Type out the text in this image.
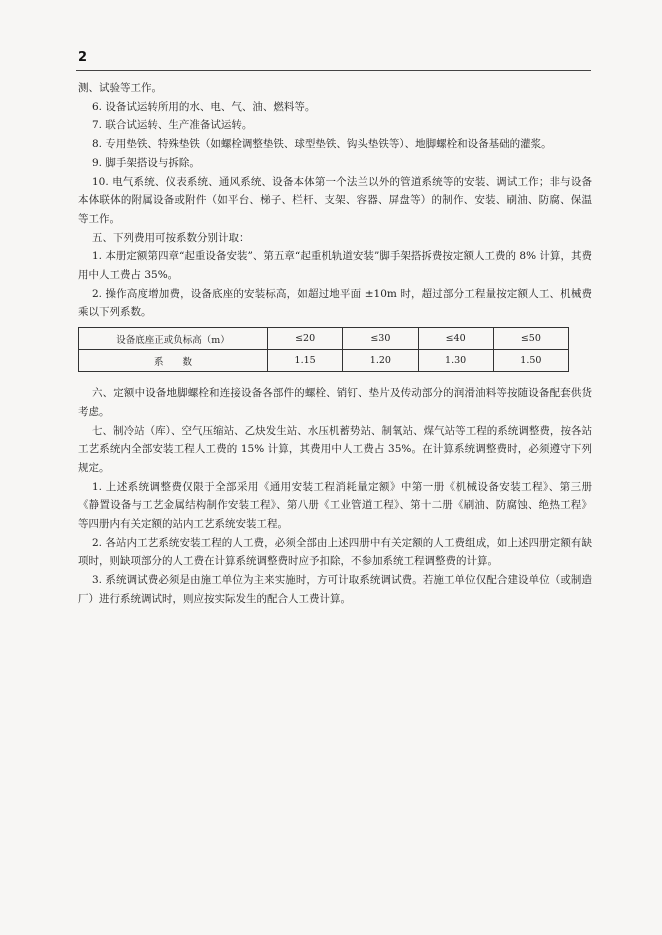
2

测、试验等工作。

6. 设备试运转所用的水、电、气、油、燃料等。

7. 联合试运转、生产准备试运转。

8. 专用垫铁、特殊垫铁（如螺栓调整垫铁、球型垫铁、钩头垫铁等）、地脚螺栓和设备基础的灌浆。

9. 脚手架搭设与拆除。

10. 电气系统、仪表系统、通风系统、设备本体第一个法兰以外的管道系统等的安装、调试工作；非与设备本体联体的附属设备或附件（如平台、梯子、栏杆、支架、容器、屏盘等）的制作、安装、刷油、防腐、保温等工作。

五、下列费用可按系数分别计取：

1. 本册定额第四章“起重设备安装”、第五章“起重机轨道安装”脚手架搭拆费按定额人工费的 8% 计算，其费用中人工费占 35%。

2. 操作高度增加费，设备底座的安装标高，如超过地平面 ±10m 时，超过部分工程量按定额人工、机械费乘以下列系数。

设备底座正或负标高（m）	≤20	≤30	≤40	≤50
系　　数	1.15	1.20	1.30	1.50

六、定额中设备地脚螺栓和连接设备各部件的螺栓、销钉、垫片及传动部分的润滑油料等按随设备配套供货考虑。

七、制冷站（库）、空气压缩站、乙炔发生站、水压机蓄势站、制氧站、煤气站等工程的系统调整费，按各站工艺系统内全部安装工程人工费的 15% 计算，其费用中人工费占 35%。在计算系统调整费时，必须遵守下列规定。

1. 上述系统调整费仅限于全部采用《通用安装工程消耗量定额》中第一册《机械设备安装工程》、第三册《静置设备与工艺金属结构制作安装工程》、第八册《工业管道工程》、第十二册《刷油、防腐蚀、绝热工程》等四册内有关定额的站内工艺系统安装工程。

2. 各站内工艺系统安装工程的人工费，必须全部由上述四册中有关定额的人工费组成，如上述四册定额有缺项时，则缺项部分的人工费在计算系统调整费时应予扣除，不参加系统工程调整费的计算。

3. 系统调试费必须是由施工单位为主来实施时，方可计取系统调试费。若施工单位仅配合建设单位（或制造厂）进行系统调试时，则应按实际发生的配合人工费计算。
